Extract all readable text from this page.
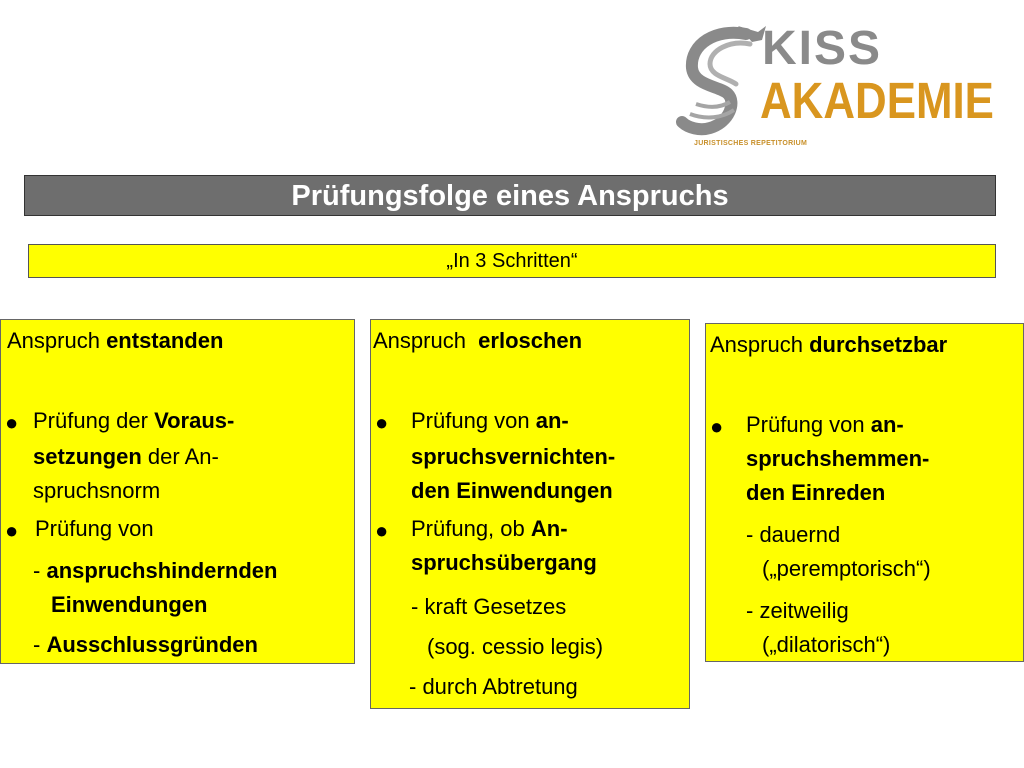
KISS
AKADEMIE
JURISTISCHES REPETITORIUM
Prüfungsfolge eines Anspruchs
„In 3 Schritten“
Anspruch entstanden
● Prüfung der Voraus-
setzungen der An-
spruchsnorm
● Prüfung von
- anspruchshindernden
Einwendungen
- Ausschlussgründen
Anspruch  erloschen
● Prüfung von an-
spruchsvernichten-
den Einwendungen
● Prüfung, ob An-
spruchsübergang
- kraft Gesetzes
(sog. cessio legis)
- durch Abtretung
Anspruch durchsetzbar
● Prüfung von an-
spruchshemmen-
den Einreden
- dauernd
(„peremptorisch“)
- zeitweilig
(„dilatorisch“)
